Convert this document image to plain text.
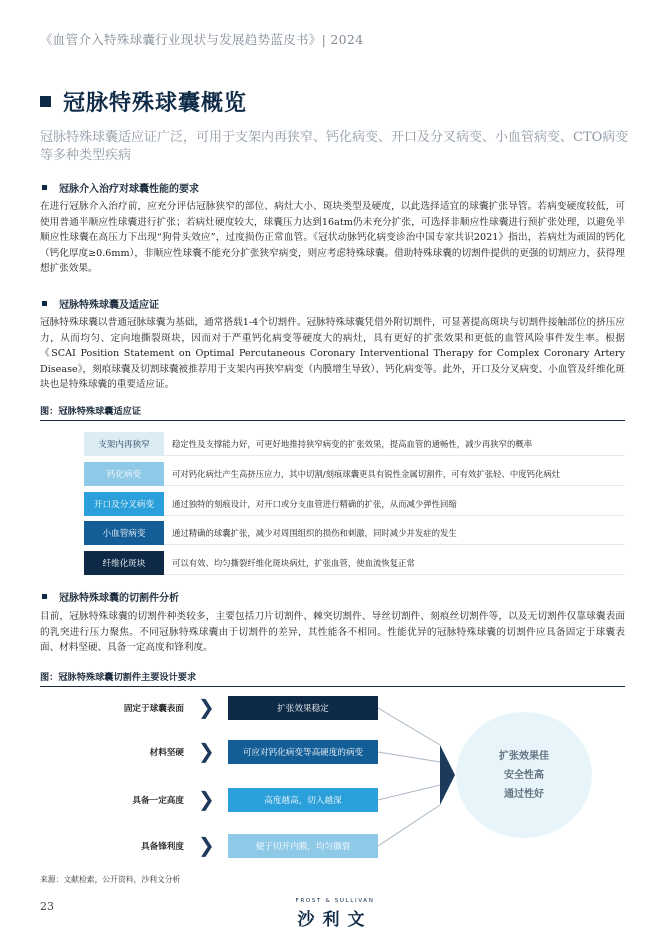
《血管介入特殊球囊行业现状与发展趋势蓝皮书》| 2024
冠脉特殊球囊概览
冠脉特殊球囊适应证广泛，可用于支架内再狭窄、钙化病变、开口及分叉病变、小血管病变、CTO病变等多种类型疾病
冠脉介入治疗对球囊性能的要求

在进行冠脉介入治疗前，应充分评估冠脉狭窄的部位、病灶大小、斑块类型及硬度，以此选择适宜的球囊扩张导管。若病变硬度较低，可使用普通半顺应性球囊进行扩张；若病灶硬度较大，球囊压力达到16atm仍未充分扩张，可选择非顺应性球囊进行预扩张处理，以避免半顺应性球囊在高压力下出现“狗骨头效应”，过度损伤正常血管。《冠状动脉钙化病变诊治中国专家共识2021》指出，若病灶为顽固的钙化（钙化厚度≥0.6mm），非顺应性球囊不能充分扩张狭窄病变，则应考虑特殊球囊。借助特殊球囊的切割件提供的更强的切割应力，获得理想扩张效果。

冠脉特殊球囊及适应证

冠脉特殊球囊以普通冠脉球囊为基础，通常搭载1-4个切割件。冠脉特殊球囊凭借外附切割件，可显著提高斑块与切割件接触部位的挤压应力，从而均匀、定向地撕裂斑块，因而对于严重钙化病变等硬度大的病灶，具有更好的扩张效果和更低的血管风险事件发生率。根据《SCAI Position Statement on Optimal Percutaneous Coronary Interventional Therapy for Complex Coronary Artery Disease》，刻痕球囊及切割球囊被推荐用于支架内再狭窄病变（内膜增生导致）、钙化病变等。此外，开口及分叉病变、小血管及纤维化斑块也是特殊球囊的重要适应证。

图：冠脉特殊球囊适应证
支架内再狭窄	稳定性及支撑能力好，可更好地推持狭窄病变的扩张效果，提高血管的通畅性，减少再狭窄的概率
钙化病变	可对钙化病灶产生高挤压应力，其中切割/刻痕球囊更具有锐性金属切割件，可有效扩张轻、中度钙化病灶
开口及分叉病变	通过独特的刻痕设计，对开口或分支血管进行精确的扩张，从而减少弹性回缩
小血管病变	通过精确的球囊扩张，减少对周围组织的损伤和刺激，同时减少并发症的发生
纤维化斑块	可以有效、均匀撕裂纤维化斑块病灶，扩张血管，使血流恢复正常
冠脉特殊球囊的切割件分析

目前，冠脉特殊球囊的切割件种类较多，主要包括刀片切割件、棘突切割件、导丝切割件、刻痕丝切割件等，以及无切割件仅靠球囊表面的乳突进行压力聚焦。不同冠脉特殊球囊由于切割件的差异，其性能各不相同。性能优异的冠脉特殊球囊的切割件应具备固定于球囊表面、材料坚硬、具备一定高度和锋利度。

图：冠脉特殊球囊切割件主要设计要求
固定于球囊表面 ❯	扩张效果稳定
材料坚硬 ❯	可应对钙化病变等高硬度的病变
具备一定高度 ❯	高度越高，切入越深
具备锋利度 ❯	便于切开内膜，均匀撕裂
扩张效果佳
安全性高
通过性好
来源：文献检索，公开资料，沙利文分析
23	FROST & SULLIVAN
沙利文
